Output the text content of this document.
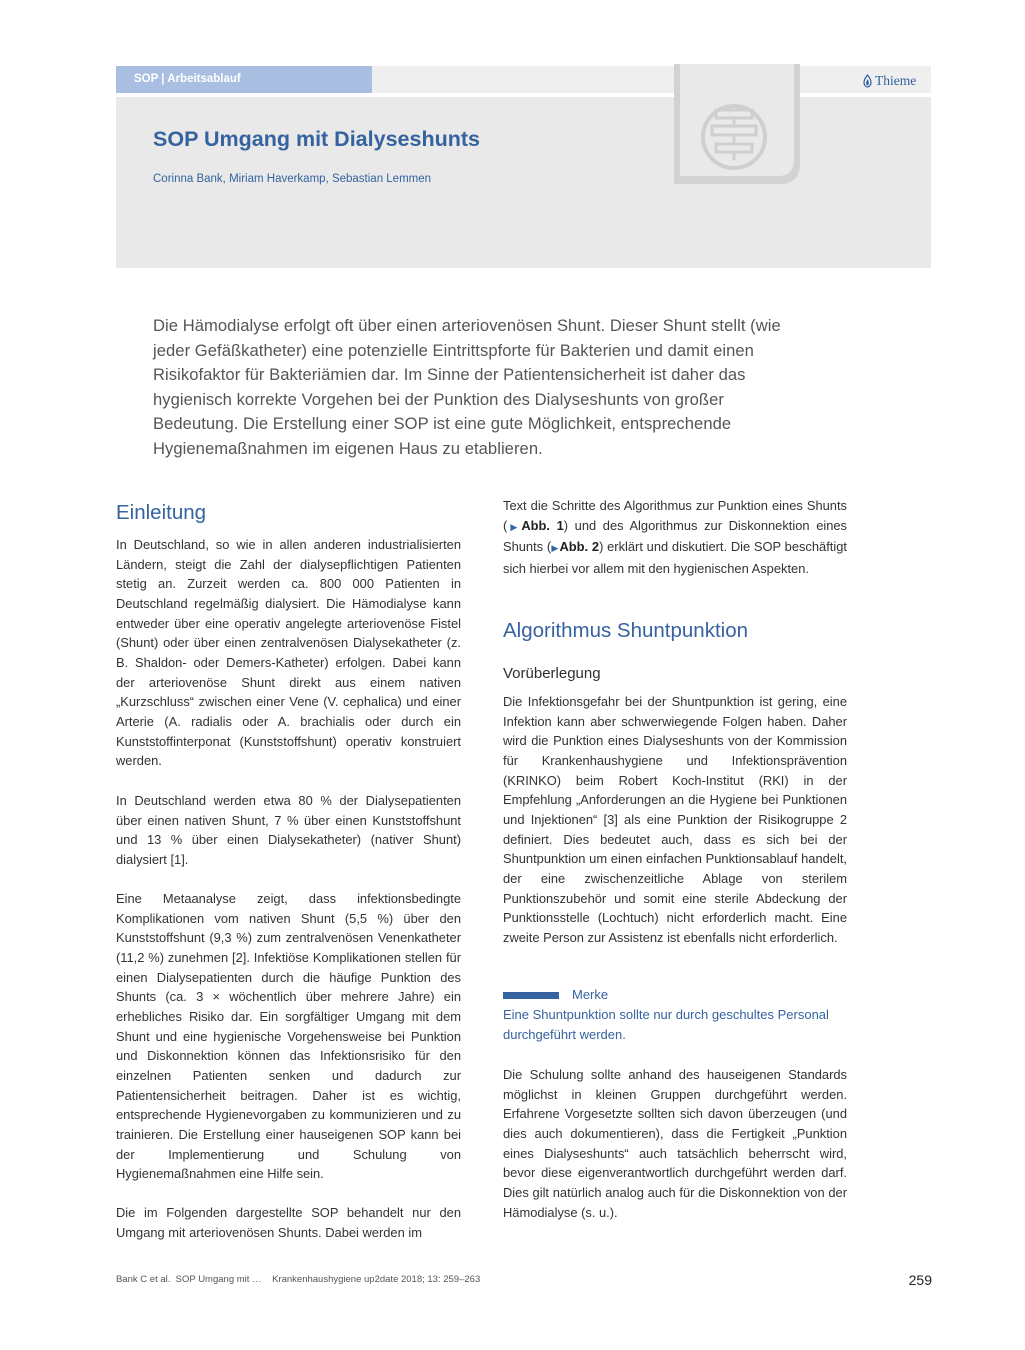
SOP | Arbeitsablauf	Thieme
SOP Umgang mit Dialyseshunts
Corinna Bank, Miriam Haverkamp, Sebastian Lemmen

Die Hämodialyse erfolgt oft über einen arteriovenösen Shunt. Dieser Shunt stellt (wie jeder Gefäßkatheter) eine potenzielle Eintrittspforte für Bakterien und damit einen Risikofaktor für Bakteriämien dar. Im Sinne der Patientensicherheit ist daher das hygienisch korrekte Vorgehen bei der Punktion des Dialyseshunts von großer Bedeutung. Die Erstellung einer SOP ist eine gute Möglichkeit, entsprechende Hygienemaßnahmen im eigenen Haus zu etablieren.

Einleitung

In Deutschland, so wie in allen anderen industrialisierten Ländern, steigt die Zahl der dialysepflichtigen Patienten stetig an. Zurzeit werden ca. 800 000 Patienten in Deutschland regelmäßig dialysiert. Die Hämodialyse kann entweder über eine operativ angelegte arteriovenöse Fistel (Shunt) oder über einen zentralvenösen Dialysekatheter (z. B. Shaldon- oder Demers-Katheter) erfolgen. Dabei kann der arteriovenöse Shunt direkt aus einem nativen „Kurzschluss“ zwischen einer Vene (V. cephalica) und einer Arterie (A. radialis oder A. brachialis oder durch ein Kunststoffinterponat (Kunststoffshunt) operativ konstruiert werden.

In Deutschland werden etwa 80 % der Dialysepatienten über einen nativen Shunt, 7 % über einen Kunststoffshunt und 13 % über einen Dialysekatheter) (nativer Shunt) dialysiert [1].

Eine Metaanalyse zeigt, dass infektionsbedingte Komplikationen vom nativen Shunt (5,5 %) über den Kunststoffshunt (9,3 %) zum zentralvenösen Venenkatheter (11,2 %) zunehmen [2]. Infektiöse Komplikationen stellen für einen Dialysepatienten durch die häufige Punktion des Shunts (ca. 3 × wöchentlich über mehrere Jahre) ein erhebliches Risiko dar. Ein sorgfältiger Umgang mit dem Shunt und eine hygienische Vorgehensweise bei Punktion und Diskonnektion können das Infektionsrisiko für den einzelnen Patienten senken und dadurch zur Patientensicherheit beitragen. Daher ist es wichtig, entsprechende Hygienevorgaben zu kommunizieren und zu trainieren. Die Erstellung einer hauseigenen SOP kann bei der Implementierung und Schulung von Hygienemaßnahmen eine Hilfe sein.

Die im Folgenden dargestellte SOP behandelt nur den Umgang mit arteriovenösen Shunts. Dabei werden im

Text die Schritte des Algorithmus zur Punktion eines Shunts (▶ Abb. 1) und des Algorithmus zur Diskonnektion eines Shunts (▶ Abb. 2) erklärt und diskutiert. Die SOP beschäftigt sich hierbei vor allem mit den hygienischen Aspekten.

Algorithmus Shuntpunktion
Vorüberlegung

Die Infektionsgefahr bei der Shuntpunktion ist gering, eine Infektion kann aber schwerwiegende Folgen haben. Daher wird die Punktion eines Dialyseshunts von der Kommission für Krankenhaushygiene und Infektionsprävention (KRINKO) beim Robert Koch-Institut (RKI) in der Empfehlung „Anforderungen an die Hygiene bei Punktionen und Injektionen“ [3] als eine Punktion der Risikogruppe 2 definiert. Dies bedeutet auch, dass es sich bei der Shuntpunktion um einen einfachen Punktionsablauf handelt, der eine zwischenzeitliche Ablage von sterilem Punktionszubehör und somit eine sterile Abdeckung der Punktionsstelle (Lochtuch) nicht erforderlich macht. Eine zweite Person zur Assistenz ist ebenfalls nicht erforderlich.

Merke

Eine Shuntpunktion sollte nur durch geschultes Personal durchgeführt werden.

Die Schulung sollte anhand des hauseigenen Standards möglichst in kleinen Gruppen durchgeführt werden. Erfahrene Vorgesetzte sollten sich davon überzeugen (und dies auch dokumentieren), dass die Fertigkeit „Punktion eines Dialyseshunts“ auch tatsächlich beherrscht wird, bevor diese eigenverantwortlich durchgeführt werden darf. Dies gilt natürlich analog auch für die Diskonnektion von der Hämodialyse (s. u.).

Bank C et al.  SOP Umgang mit …    Krankenhaushygiene up2date 2018; 13: 259–263	259
